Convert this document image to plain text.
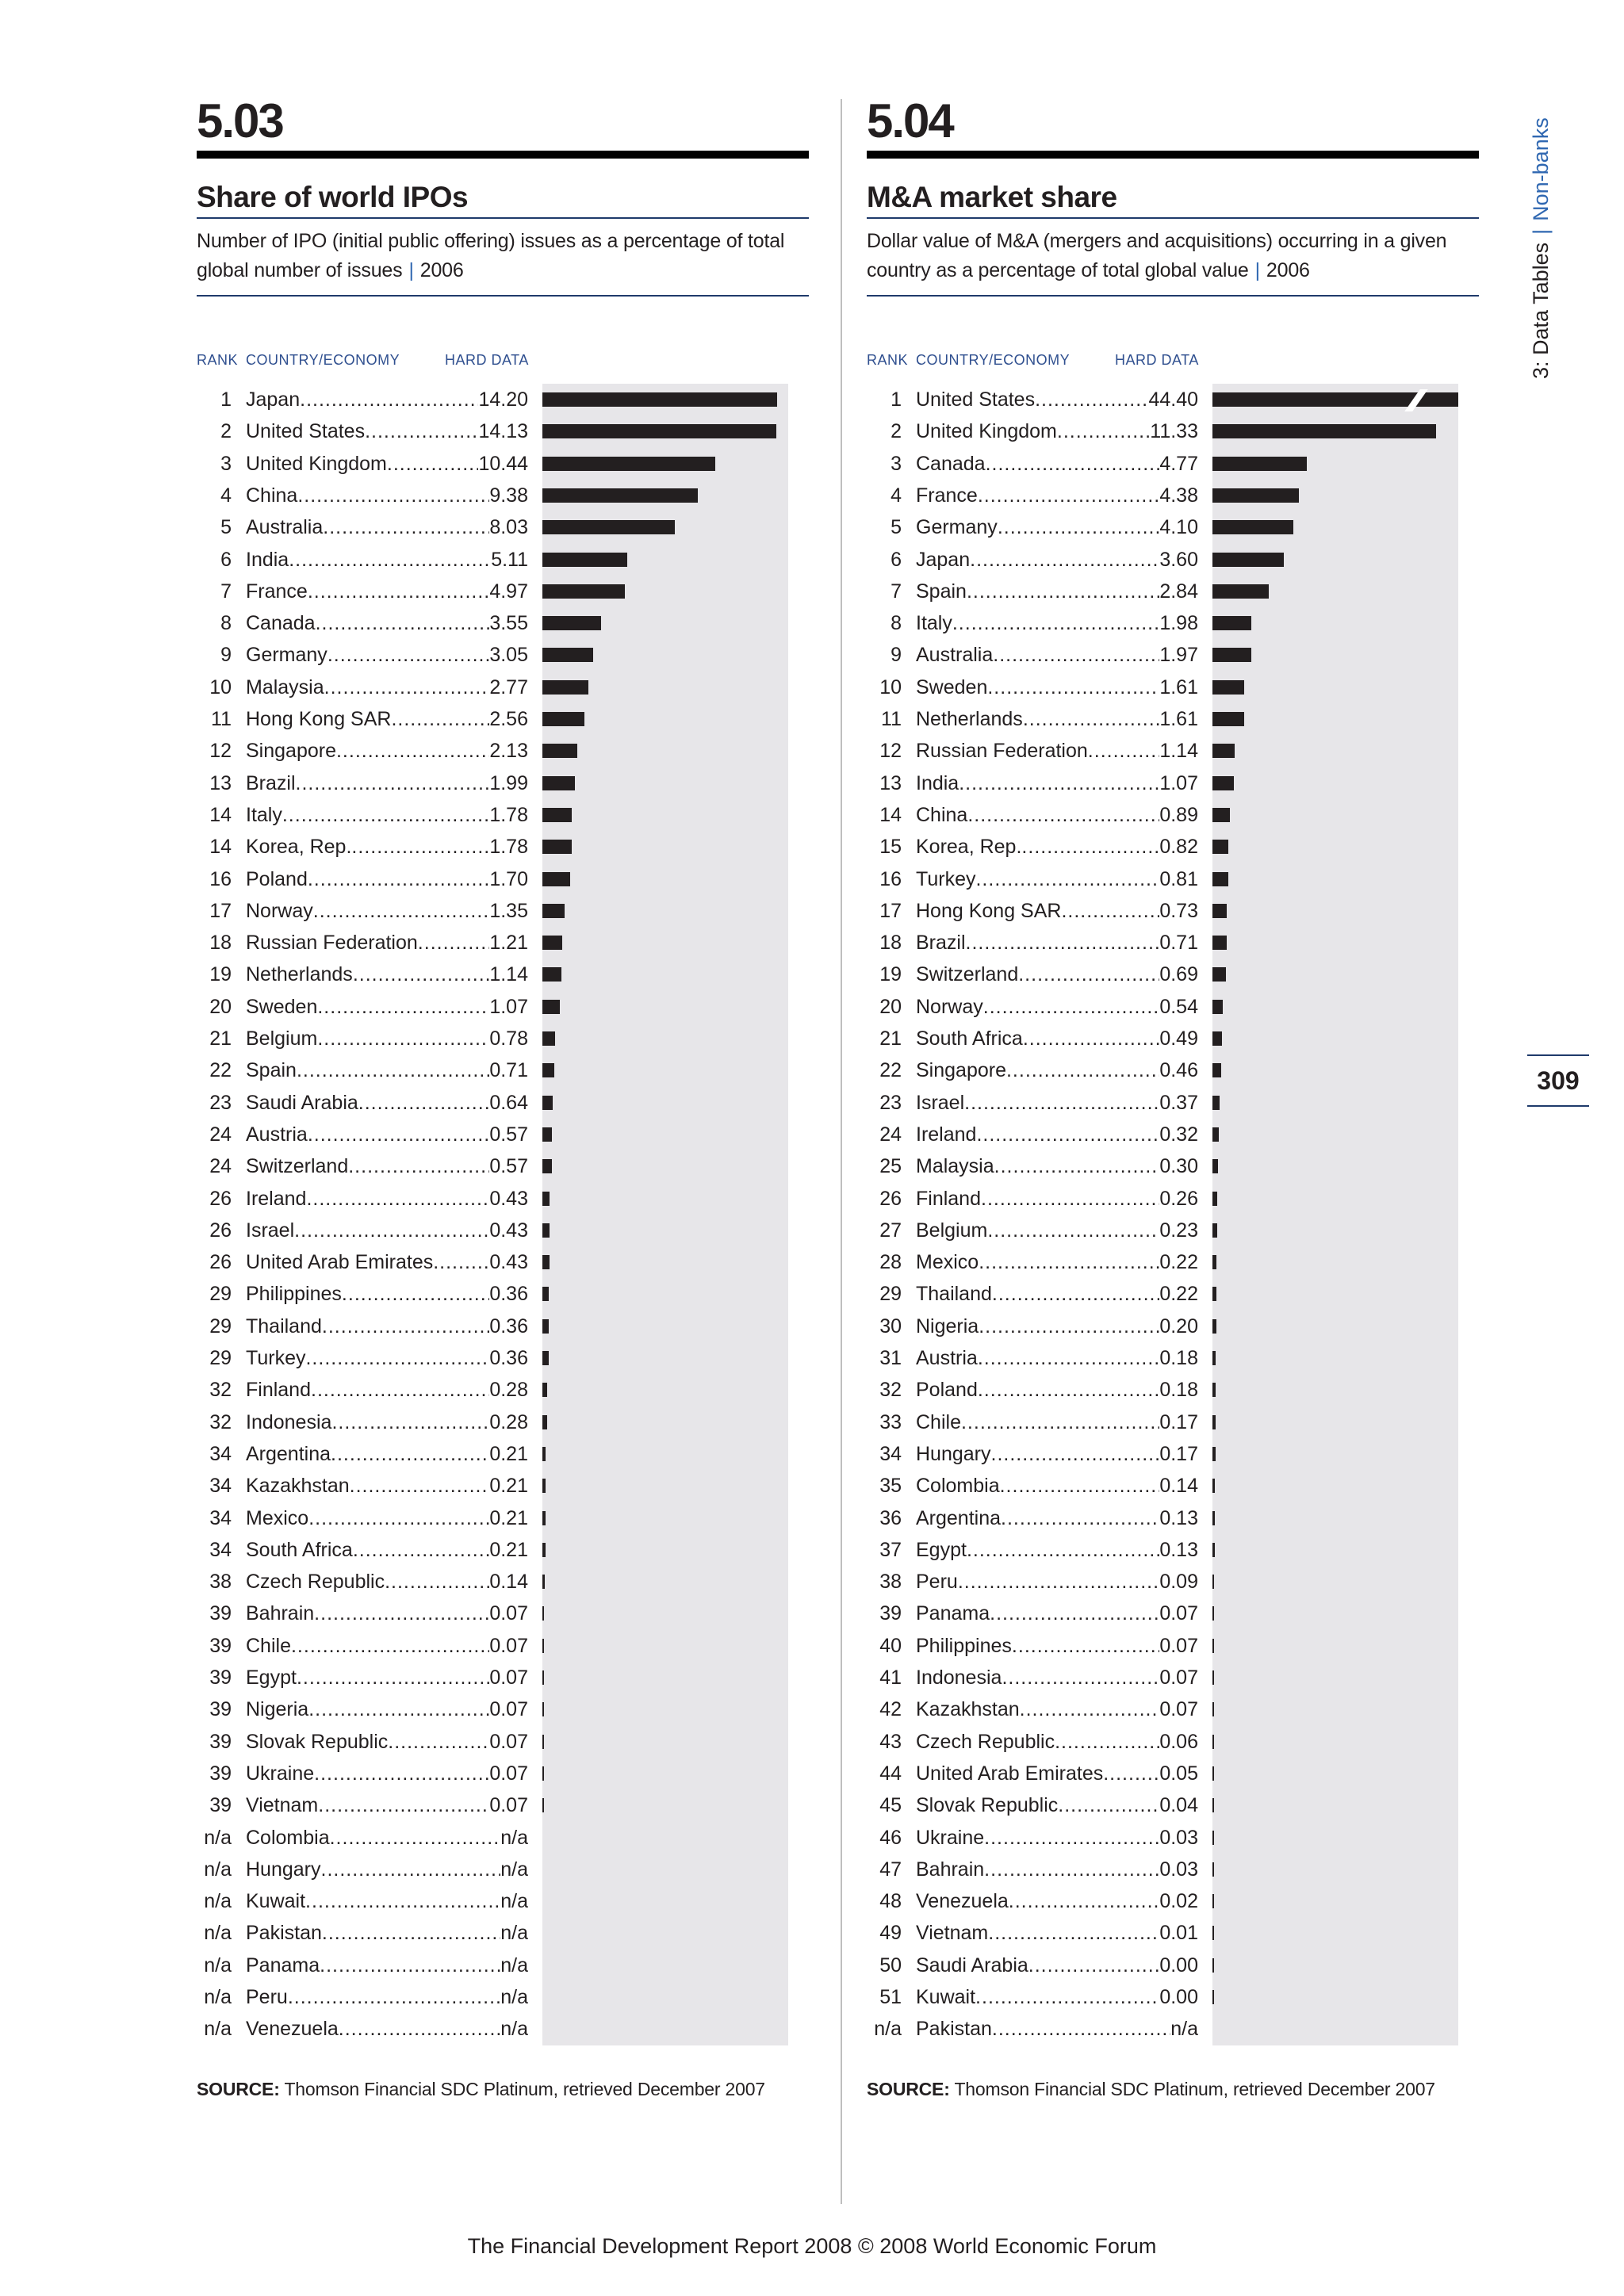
5.03
Share of world IPOs
Number of IPO (initial public offering) issues as a percentage of total global number of issues | 2006
RANK COUNTRY/ECONOMY	HARD DATA
1 Japan .....	14.20
2 United States .....	14.13
3 United Kingdom .....	10.44
4 China .....	9.38
5 Australia .....	8.03
6 India .....	5.11
7 France .....	4.97
8 Canada .....	3.55
9 Germany .....	3.05
10 Malaysia .....	2.77
11 Hong Kong SAR .....	2.56
12 Singapore .....	2.13
13 Brazil .....	1.99
14 Italy .....	1.78
14 Korea, Rep. .....	1.78
16 Poland .....	1.70
17 Norway .....	1.35
18 Russian Federation .....	1.21
19 Netherlands .....	1.14
20 Sweden .....	1.07
21 Belgium .....	0.78
22 Spain .....	0.71
23 Saudi Arabia .....	0.64
24 Austria .....	0.57
24 Switzerland .....	0.57
26 Ireland .....	0.43
26 Israel .....	0.43
26 United Arab Emirates .....	0.43
29 Philippines .....	0.36
29 Thailand .....	0.36
29 Turkey .....	0.36
32 Finland .....	0.28
32 Indonesia .....	0.28
34 Argentina .....	0.21
34 Kazakhstan .....	0.21
34 Mexico .....	0.21
34 South Africa .....	0.21
38 Czech Republic .....	0.14
39 Bahrain .....	0.07
39 Chile .....	0.07
39 Egypt .....	0.07
39 Nigeria .....	0.07
39 Slovak Republic .....	0.07
39 Ukraine .....	0.07
39 Vietnam .....	0.07
n/a Colombia .....	n/a
n/a Hungary .....	n/a
n/a Kuwait .....	n/a
n/a Pakistan .....	n/a
n/a Panama .....	n/a
n/a Peru .....	n/a
n/a Venezuela .....	n/a
SOURCE: Thomson Financial SDC Platinum, retrieved December 2007
5.04
M&A market share
Dollar value of M&A (mergers and acquisitions) occurring in a given country as a percentage of total global value | 2006
RANK COUNTRY/ECONOMY	HARD DATA
1 United States .....	44.40
2 United Kingdom .....	11.33
3 Canada .....	4.77
4 France .....	4.38
5 Germany .....	4.10
6 Japan .....	3.60
7 Spain .....	2.84
8 Italy .....	1.98
9 Australia .....	1.97
10 Sweden .....	1.61
11 Netherlands .....	1.61
12 Russian Federation .....	1.14
13 India .....	1.07
14 China .....	0.89
15 Korea, Rep. .....	0.82
16 Turkey .....	0.81
17 Hong Kong SAR .....	0.73
18 Brazil .....	0.71
19 Switzerland .....	0.69
20 Norway .....	0.54
21 South Africa .....	0.49
22 Singapore .....	0.46
23 Israel .....	0.37
24 Ireland .....	0.32
25 Malaysia .....	0.30
26 Finland .....	0.26
27 Belgium .....	0.23
28 Mexico .....	0.22
29 Thailand .....	0.22
30 Nigeria .....	0.20
31 Austria .....	0.18
32 Poland .....	0.18
33 Chile .....	0.17
34 Hungary .....	0.17
35 Colombia .....	0.14
36 Argentina .....	0.13
37 Egypt .....	0.13
38 Peru .....	0.09
39 Panama .....	0.07
40 Philippines .....	0.07
41 Indonesia .....	0.07
42 Kazakhstan .....	0.07
43 Czech Republic .....	0.06
44 United Arab Emirates .....	0.05
45 Slovak Republic .....	0.04
46 Ukraine .....	0.03
47 Bahrain .....	0.03
48 Venezuela .....	0.02
49 Vietnam .....	0.01
50 Saudi Arabia .....	0.00
51 Kuwait .....	0.00
n/a Pakistan .....	n/a
SOURCE: Thomson Financial SDC Platinum, retrieved December 2007
3: Data Tables|Non-banks
309
The Financial Development Report 2008 © 2008 World Economic Forum
